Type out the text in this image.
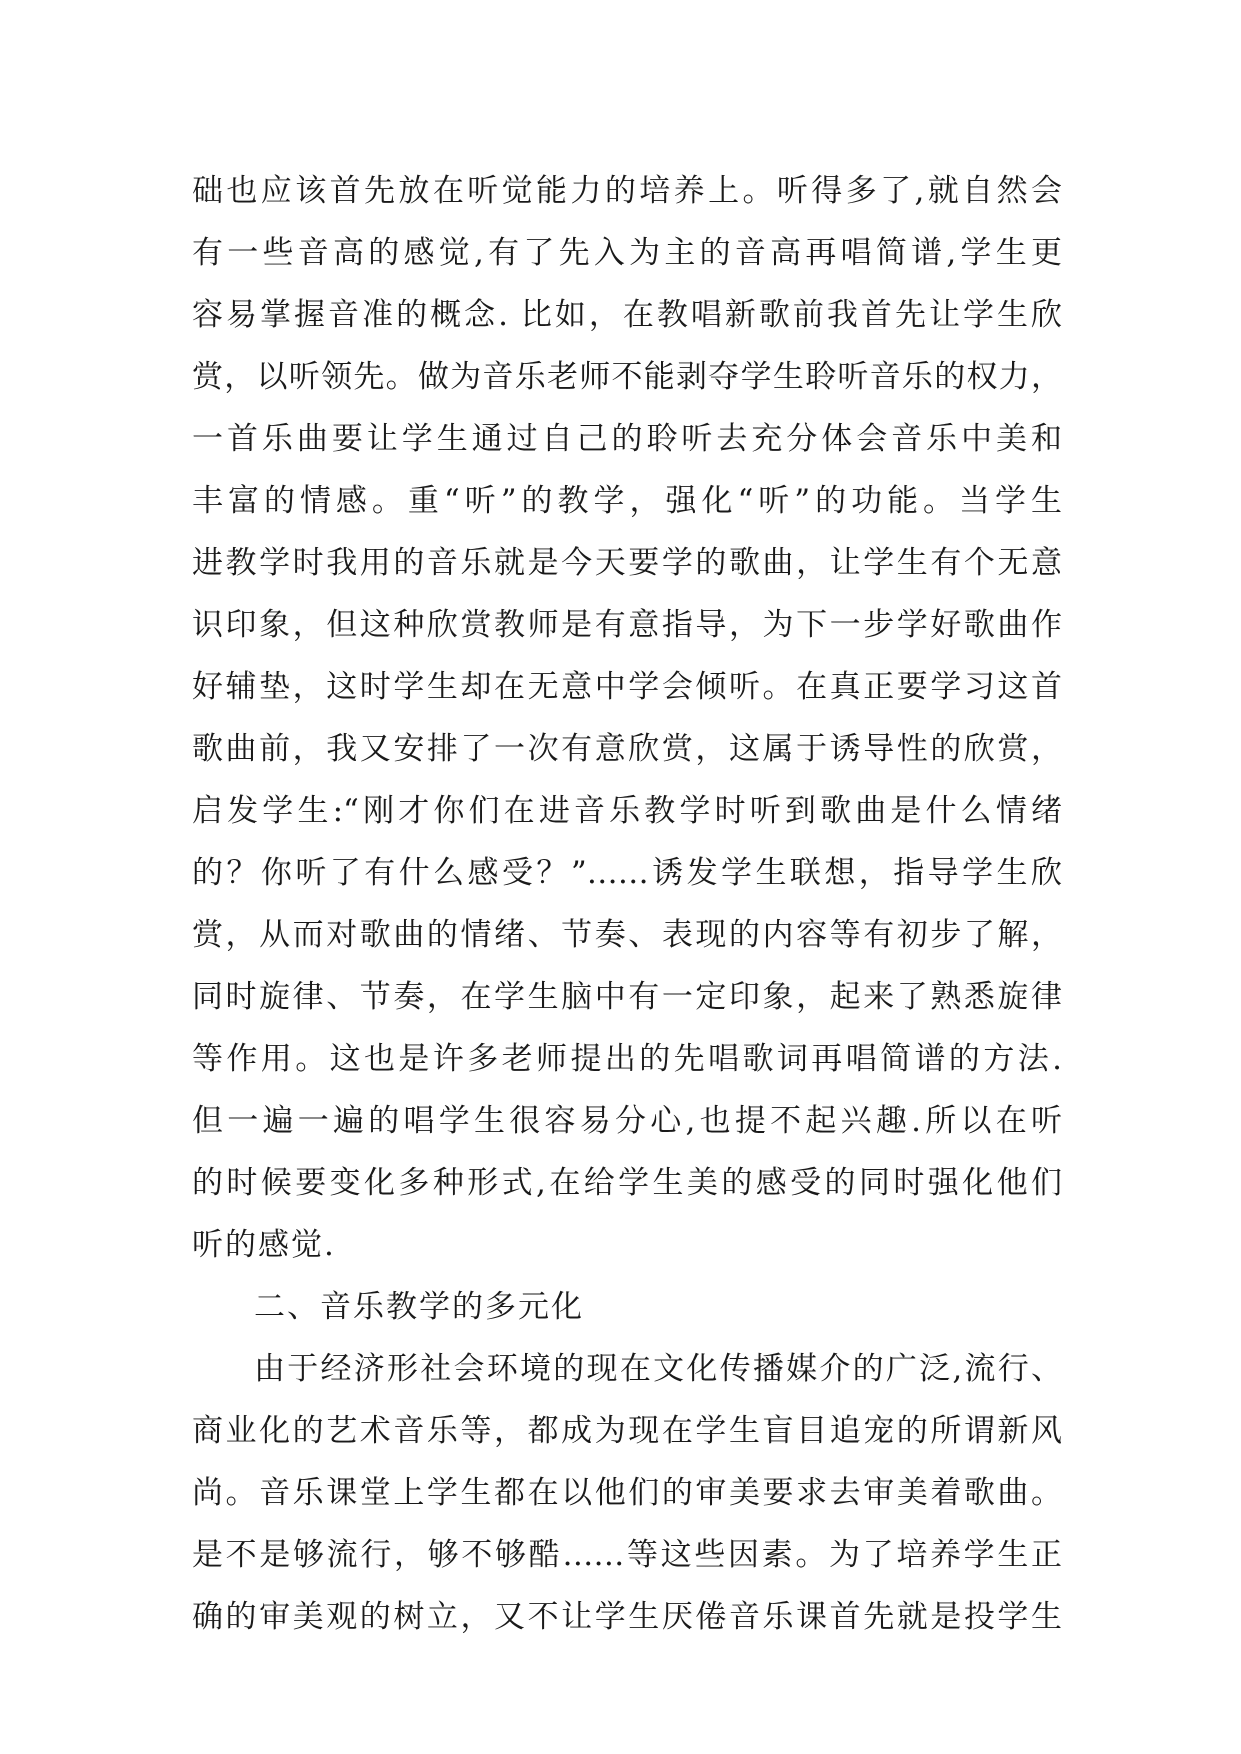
础也应该首先放在听觉能力的培养上。听得多了,就自然会
有一些音高的感觉,有了先入为主的音高再唱简谱,学生更
容易掌握音准的概念. 比如，在教唱新歌前我首先让学生欣
赏，以听领先。做为音乐老师不能剥夺学生聆听音乐的权力，
一首乐曲要让学生通过自己的聆听去充分体会音乐中美和
丰富的情感。重“听”的教学，强化“听”的功能。当学生
进教学时我用的音乐就是今天要学的歌曲，让学生有个无意
识印象，但这种欣赏教师是有意指导，为下一步学好歌曲作
好辅垫，这时学生却在无意中学会倾听。在真正要学习这首
歌曲前，我又安排了一次有意欣赏，这属于诱导性的欣赏，
启发学生:“刚才你们在进音乐教学时听到歌曲是什么情绪
的？你听了有什么感受？”……诱发学生联想，指导学生欣
赏，从而对歌曲的情绪、节奏、表现的内容等有初步了解，
同时旋律、节奏，在学生脑中有一定印象，起来了熟悉旋律
等作用。这也是许多老师提出的先唱歌词再唱简谱的方法.
但一遍一遍的唱学生很容易分心,也提不起兴趣.所以在听
的时候要变化多种形式,在给学生美的感受的同时强化他们
听的感觉.
二、音乐教学的多元化
由于经济形社会环境的现在文化传播媒介的广泛,流行、
商业化的艺术音乐等，都成为现在学生盲目追宠的所谓新风
尚。音乐课堂上学生都在以他们的审美要求去审美着歌曲。
是不是够流行，够不够酷……等这些因素。为了培养学生正
确的审美观的树立，又不让学生厌倦音乐课首先就是投学生
